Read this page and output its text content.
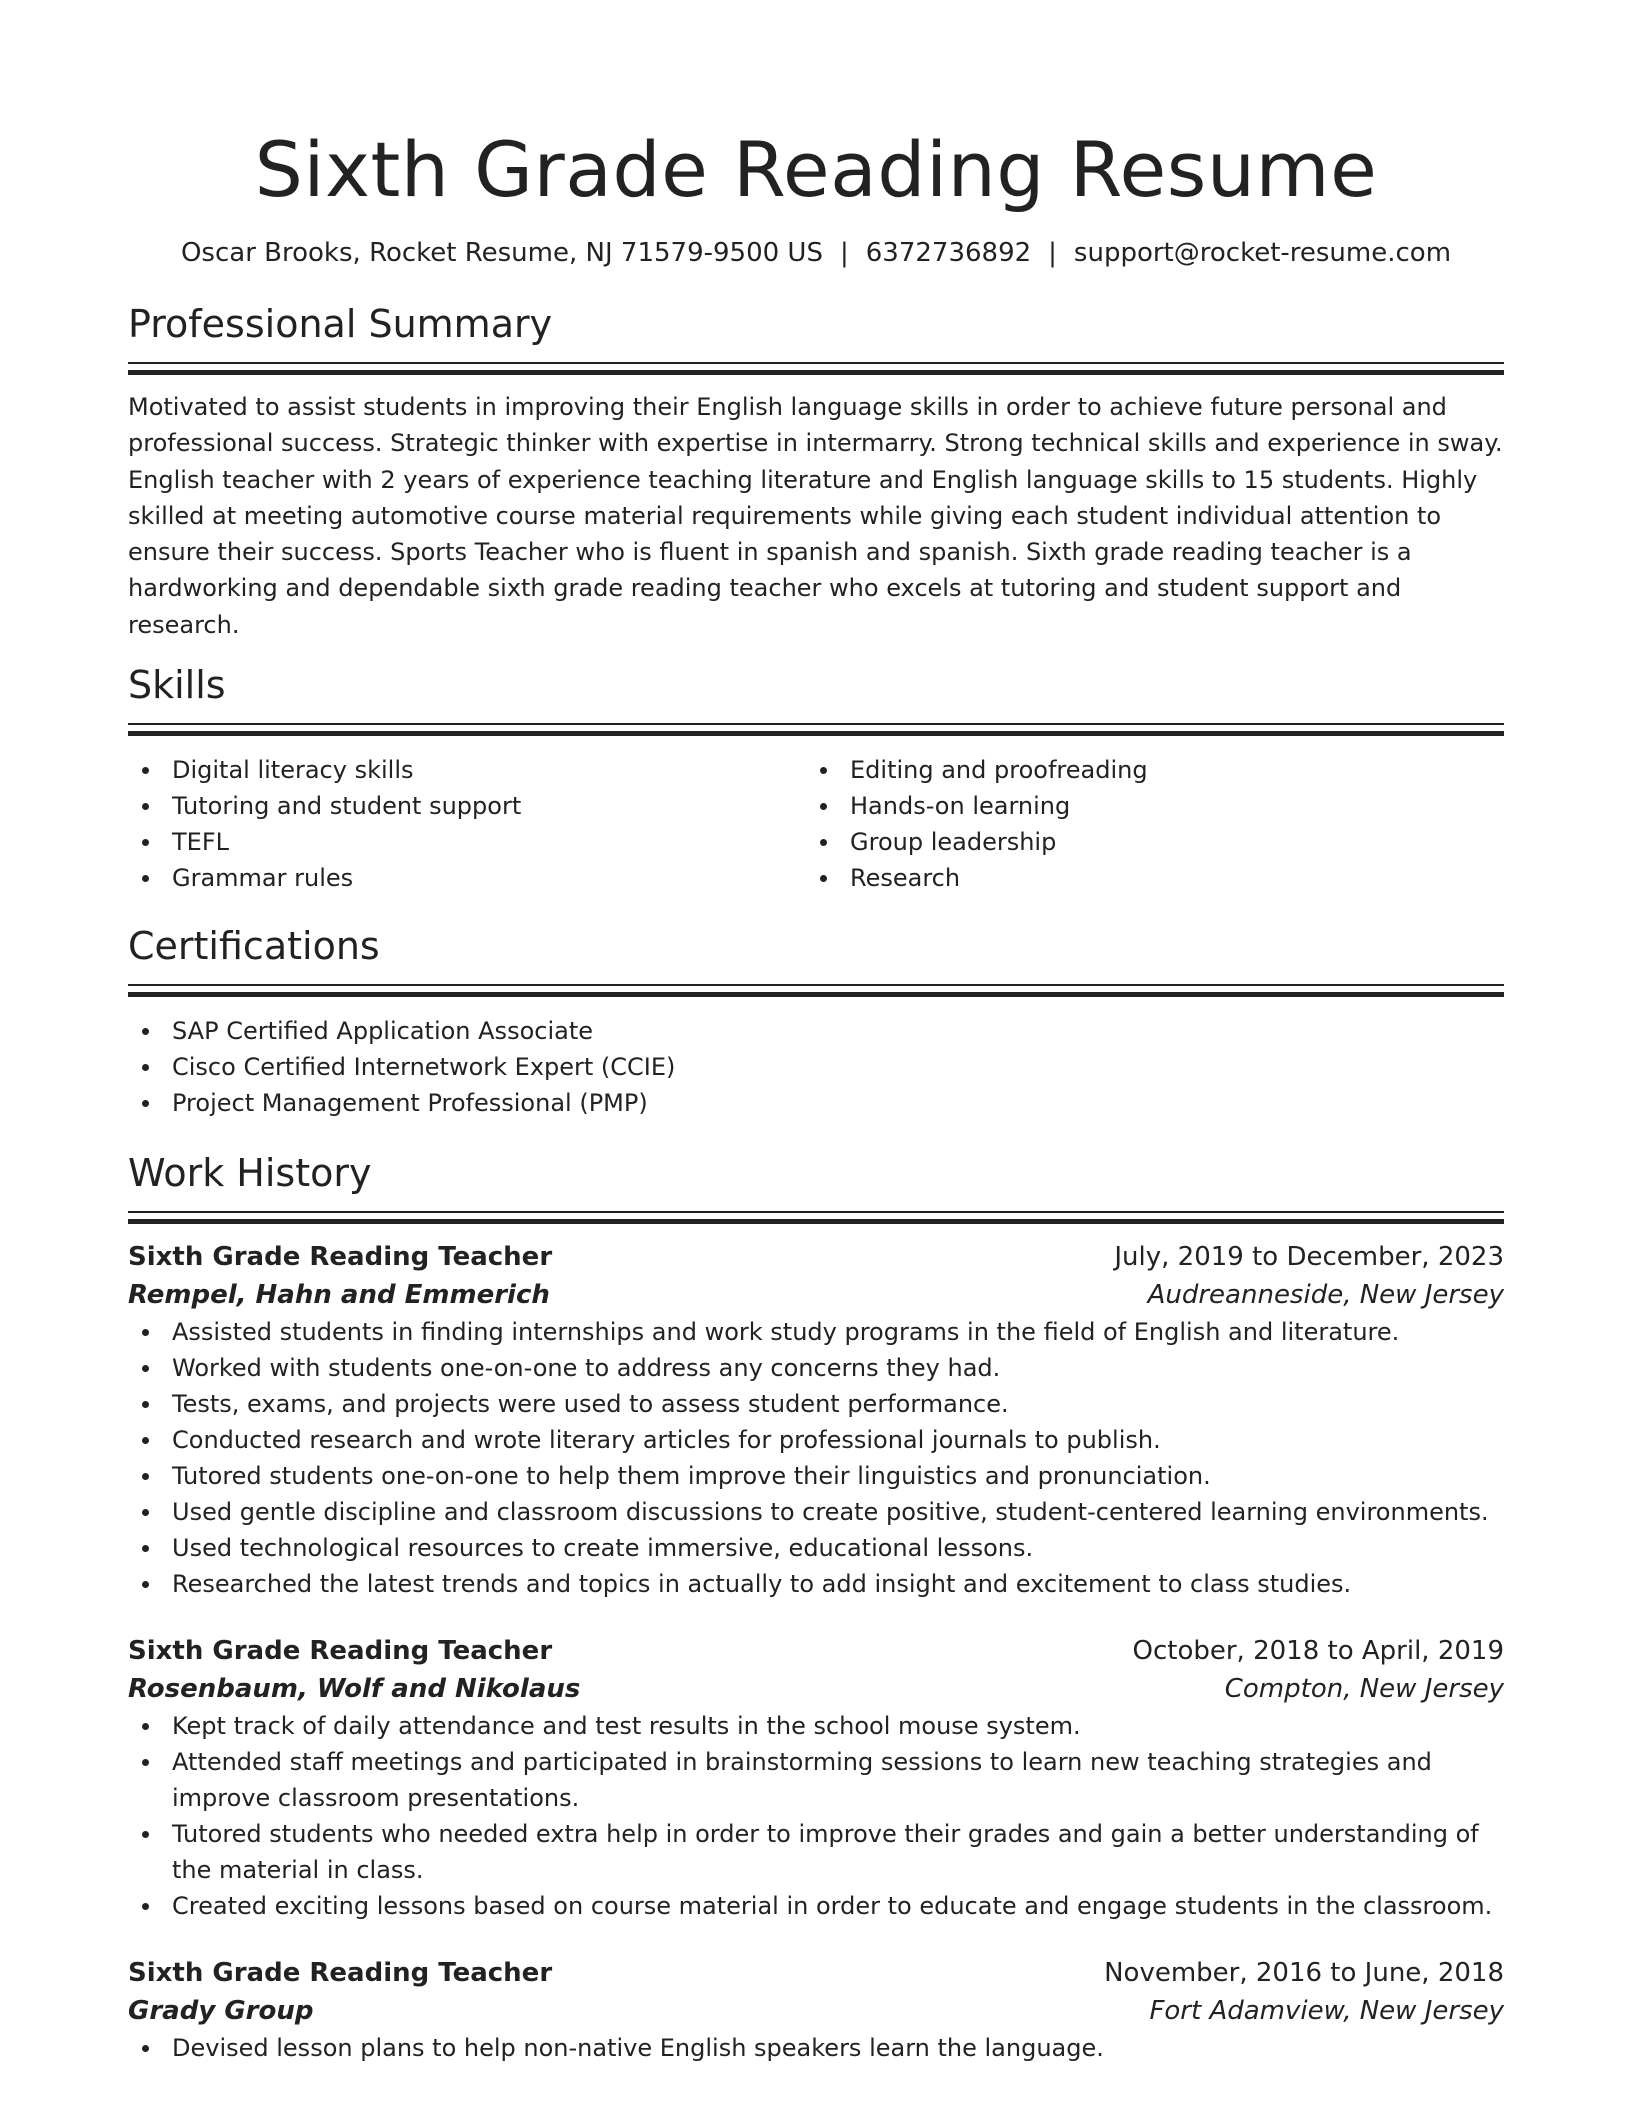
Sixth Grade Reading Resume
Oscar Brooks, Rocket Resume, NJ 71579-9500 US | 6372736892 | support@rocket-resume.com
Professional Summary

Motivated to assist students in improving their English language skills in order to achieve future personal and professional success. Strategic thinker with expertise in intermarry. Strong technical skills and experience in sway. English teacher with 2 years of experience teaching literature and English language skills to 15 students. Highly skilled at meeting automotive course material requirements while giving each student individual attention to ensure their success. Sports Teacher who is fluent in spanish and spanish. Sixth grade reading teacher is a hardworking and dependable sixth grade reading teacher who excels at tutoring and student support and research.

Skills
Digital literacy skills
Tutoring and student support
TEFL
Grammar rules
Editing and proofreading
Hands-on learning
Group leadership
Research
Certifications
SAP Certified Application Associate
Cisco Certified Internetwork Expert (CCIE)
Project Management Professional (PMP)
Work History
Sixth Grade Reading Teacher	July, 2019 to December, 2023
Rempel, Hahn and Emmerich	Audreanneside, New Jersey
Assisted students in finding internships and work study programs in the field of English and literature.
Worked with students one-on-one to address any concerns they had.
Tests, exams, and projects were used to assess student performance.
Conducted research and wrote literary articles for professional journals to publish.
Tutored students one-on-one to help them improve their linguistics and pronunciation.
Used gentle discipline and classroom discussions to create positive, student-centered learning environments.
Used technological resources to create immersive, educational lessons.
Researched the latest trends and topics in actually to add insight and excitement to class studies.
Sixth Grade Reading Teacher	October, 2018 to April, 2019
Rosenbaum, Wolf and Nikolaus	Compton, New Jersey
Kept track of daily attendance and test results in the school mouse system.
Attended staff meetings and participated in brainstorming sessions to learn new teaching strategies and improve classroom presentations.
Tutored students who needed extra help in order to improve their grades and gain a better understanding of the material in class.
Created exciting lessons based on course material in order to educate and engage students in the classroom.
Sixth Grade Reading Teacher	November, 2016 to June, 2018
Grady Group	Fort Adamview, New Jersey
Devised lesson plans to help non-native English speakers learn the language.
